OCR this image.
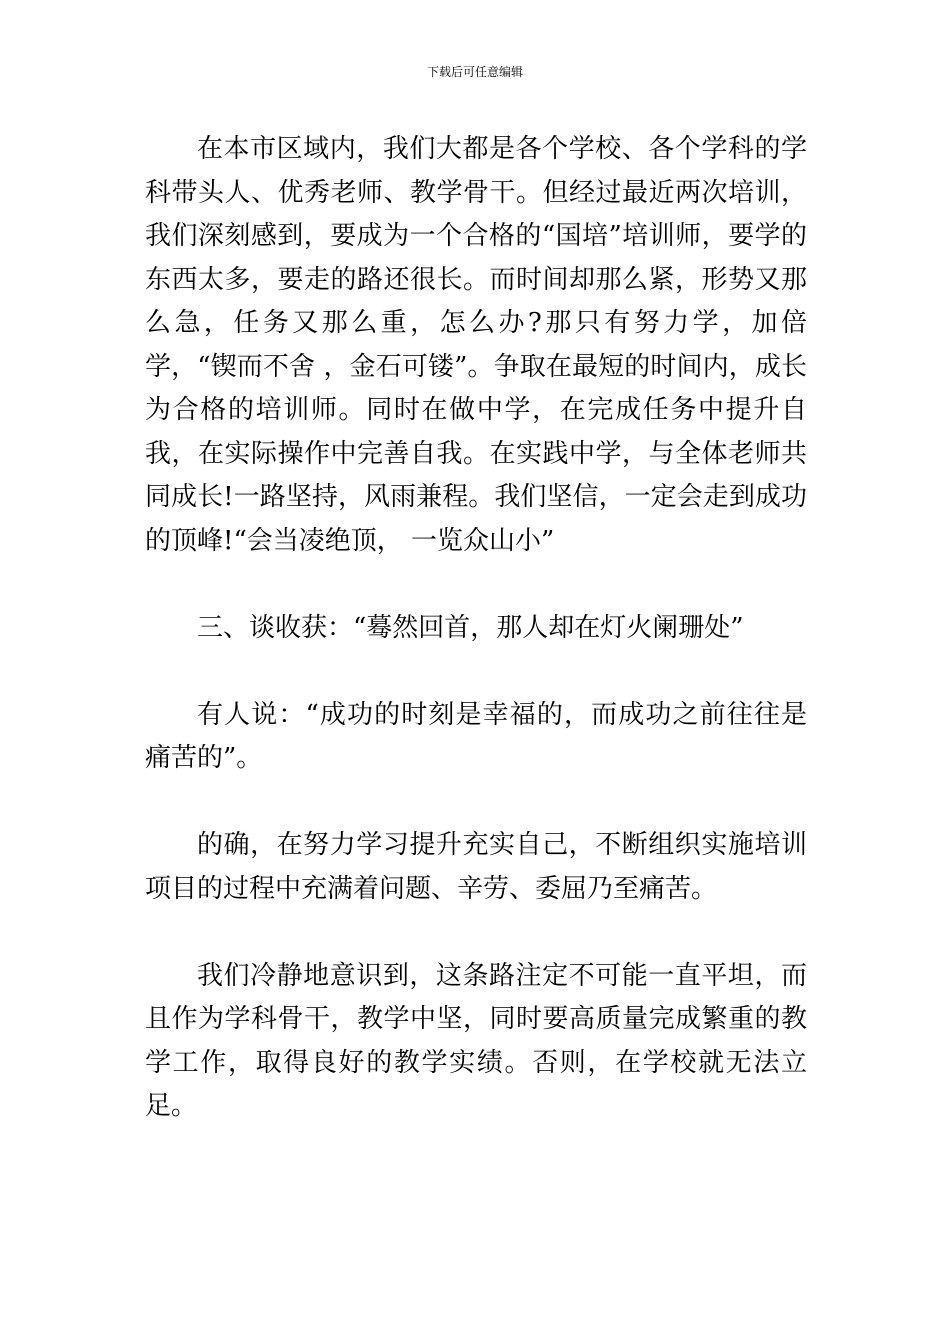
下载后可任意编辑

在本市区域内，我们大都是各个学校、各个学科的学科带头人、优秀老师、教学骨干。但经过最近两次培训，我们深刻感到，要成为一个合格的“国培”培训师，要学的东西太多，要走的路还很长。而时间却那么紧，形势又那么急，任务又那么重，怎么办?那只有努力学，加倍学，“锲而不舍 ，金石可镂”。争取在最短的时间内，成长为合格的培训师。同时在做中学，在完成任务中提升自我，在实际操作中完善自我。在实践中学，与全体老师共同成长!一路坚持，风雨兼程。我们坚信，一定会走到成功的顶峰!“会当凌绝顶， 一览众山小”

三、谈收获：“蓦然回首，那人却在灯火阑珊处”

有人说：“成功的时刻是幸福的，而成功之前往往是痛苦的”。

的确，在努力学习提升充实自己，不断组织实施培训项目的过程中充满着问题、辛劳、委屈乃至痛苦。

我们冷静地意识到，这条路注定不可能一直平坦，而且作为学科骨干，教学中坚，同时要高质量完成繁重的教学工作，取得良好的教学实绩。否则，在学校就无法立足。
